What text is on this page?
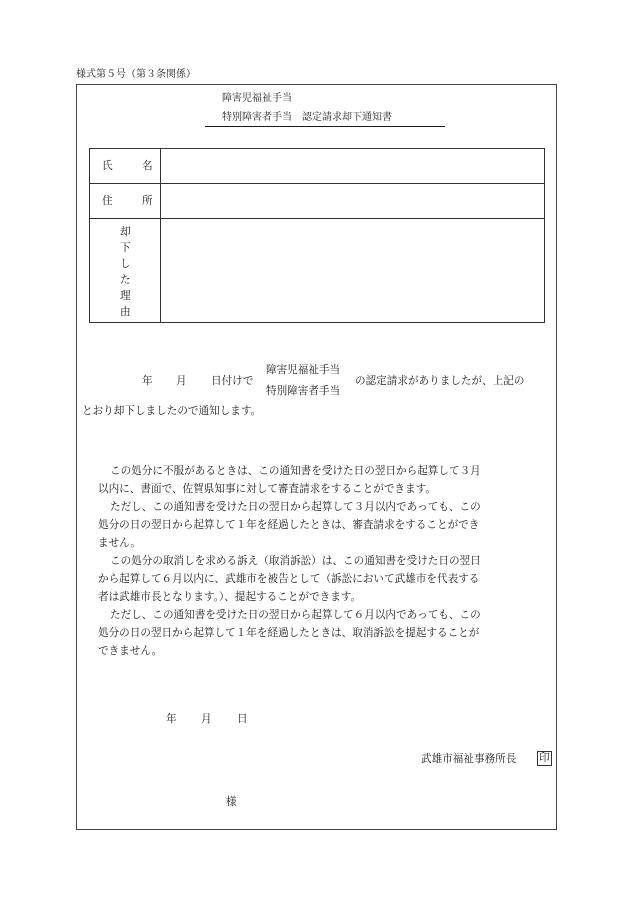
様式第５号（第３条関係）
障害児福祉手当
特別障害者手当　認定請求却下通知書
氏	名
住	所
却
下
し
た
理
由
年 月 日付けで
障害児福祉手当
特別障害者手当
の認定請求がありましたが、上記の
とおり却下しましたので通知します。
この処分に不服があるときは、この通知書を受けた日の翌日から起算して３月
以内に、書面で、佐賀県知事に対して審査請求をすることができます。
ただし、この通知書を受けた日の翌日から起算して３月以内であっても、この
処分の日の翌日から起算して１年を経過したときは、審査請求をすることができ
ません。
この処分の取消しを求める訴え（取消訴訟）は、この通知書を受けた日の翌日
から起算して６月以内に、武雄市を被告として（訴訟において武雄市を代表する
者は武雄市長となります。）、提起することができます。
ただし、この通知書を受けた日の翌日から起算して６月以内であっても、この
処分の日の翌日から起算して１年を経過したときは、取消訴訟を提起することが
できません。
年 月 日
武雄市福祉事務所長 印
様
